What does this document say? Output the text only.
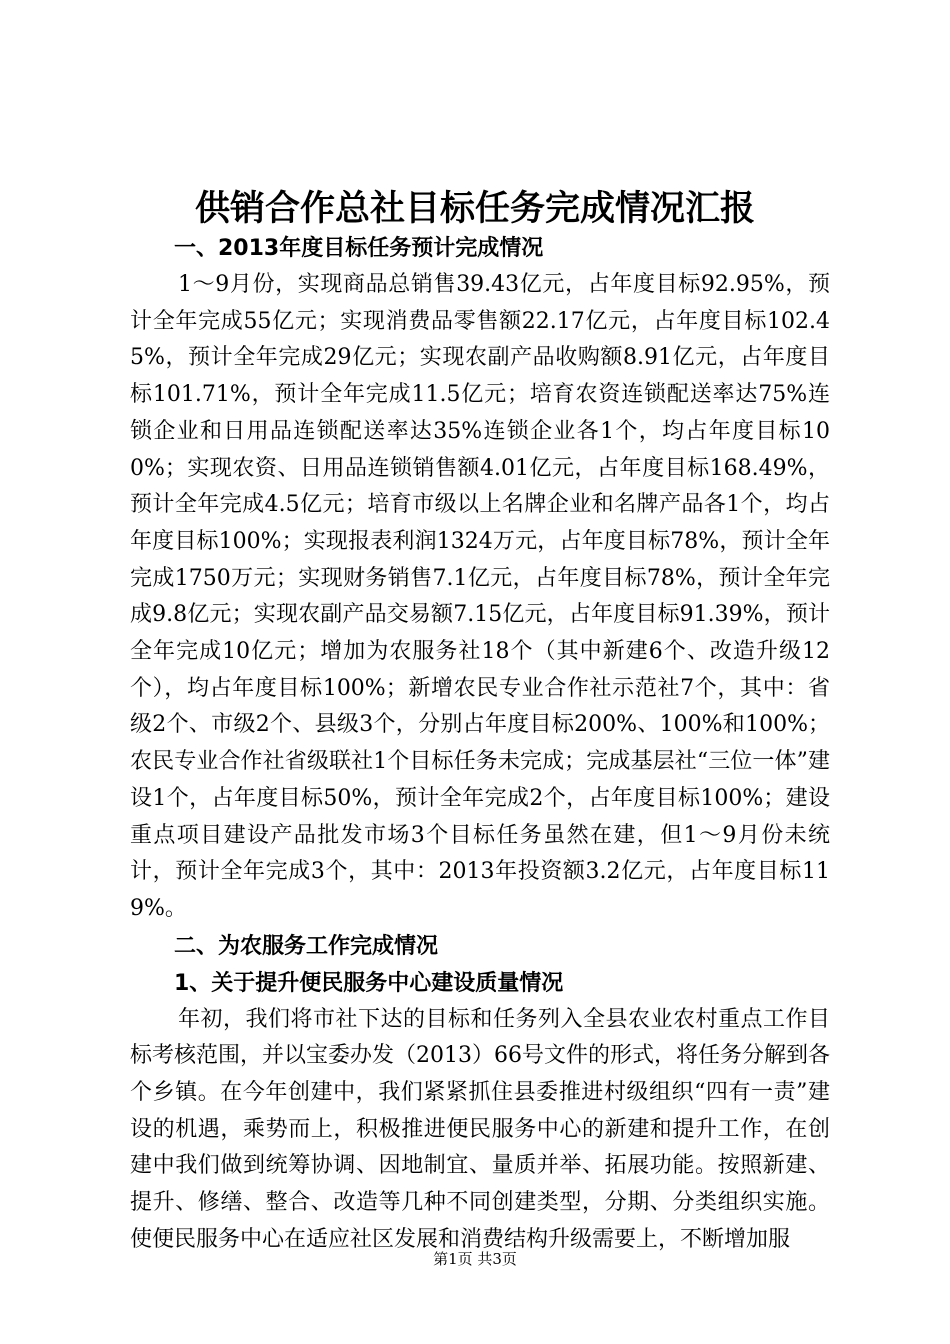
供销合作总社目标任务完成情况汇报

一、2013年度目标任务预计完成情况

1～9月份，实现商品总销售39.43亿元，占年度目标92.95%，预计全年完成55亿元；实现消费品零售额22.17亿元，占年度目标102.45%，预计全年完成29亿元；实现农副产品收购额8.91亿元，占年度目标101.71%，预计全年完成11.5亿元；培育农资连锁配送率达75%连锁企业和日用品连锁配送率达35%连锁企业各1个，均占年度目标100%；实现农资、日用品连锁销售额4.01亿元，占年度目标168.49%，预计全年完成4.5亿元；培育市级以上名牌企业和名牌产品各1个，均占年度目标100%；实现报表利润1324万元，占年度目标78%，预计全年完成1750万元；实现财务销售7.1亿元，占年度目标78%，预计全年完成9.8亿元；实现农副产品交易额7.15亿元，占年度目标91.39%，预计全年完成10亿元；增加为农服务社18个（其中新建6个、改造升级12个），均占年度目标100%；新增农民专业合作社示范社7个，其中：省级2个、市级2个、县级3个，分别占年度目标200%、100%和100%；农民专业合作社省级联社1个目标任务未完成；完成基层社“三位一体”建设1个，占年度目标50%，预计全年完成2个，占年度目标100%；建设重点项目建设产品批发市场3个目标任务虽然在建，但1～9月份未统计，预计全年完成3个，其中：2013年投资额3.2亿元，占年度目标119%。

二、为农服务工作完成情况

1、关于提升便民服务中心建设质量情况

年初，我们将市社下达的目标和任务列入全县农业农村重点工作目标考核范围，并以宝委办发（2013）66号文件的形式，将任务分解到各个乡镇。在今年创建中，我们紧紧抓住县委推进村级组织“四有一责”建设的机遇，乘势而上，积极推进便民服务中心的新建和提升工作，在创建中我们做到统筹协调、因地制宜、量质并举、拓展功能。按照新建、提升、修缮、整合、改造等几种不同创建类型，分期、分类组织实施。使便民服务中心在适应社区发展和消费结构升级需要上，不断增加服

第1页 共3页
